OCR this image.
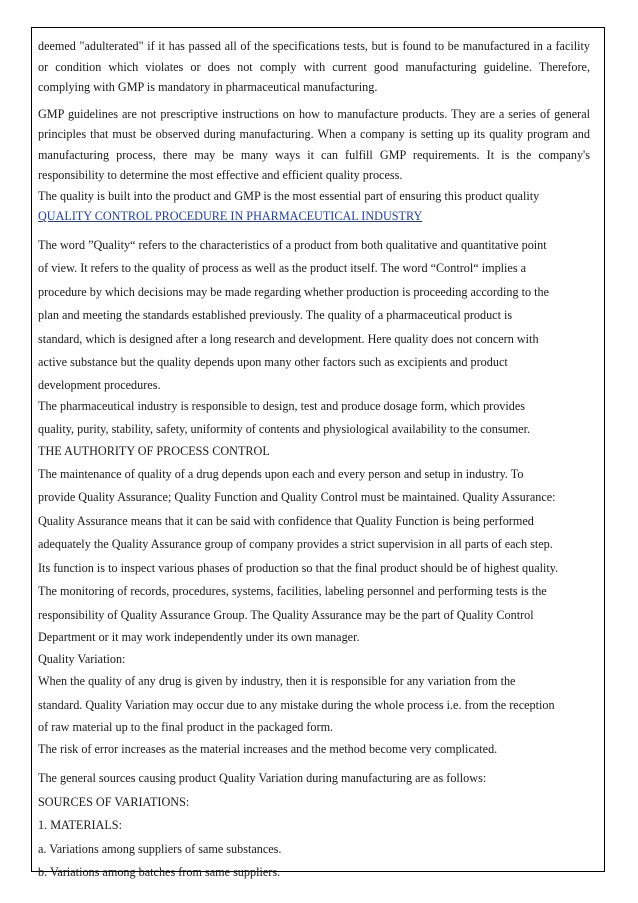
deemed "adulterated" if it has passed all of the specifications tests, but is found to be manufactured in a facility or condition which violates or does not comply with current good manufacturing guideline. Therefore, complying with GMP is mandatory in pharmaceutical manufacturing.

GMP guidelines are not prescriptive instructions on how to manufacture products. They are a series of general principles that must be observed during manufacturing. When a company is setting up its quality program and manufacturing process, there may be many ways it can fulfill GMP requirements. It is the company's responsibility to determine the most effective and efficient quality process.

The quality is built into the product and GMP is the most essential part of ensuring this product quality

QUALITY CONTROL PROCEDURE IN PHARMACEUTICAL INDUSTRY

The word ”Quality“ refers to the characteristics of a product from both qualitative and quantitative point

of view. It refers to the quality of process as well as the product itself. The word “Control“ implies a

procedure by which decisions may be made regarding whether production is proceeding according to the

plan and meeting the standards established previously. The quality of a pharmaceutical product is

standard, which is designed after a long research and development. Here quality does not concern with

active substance but the quality depends upon many other factors such as excipients and product

development procedures.

The pharmaceutical industry is responsible to design, test and produce dosage form, which provides

quality, purity, stability, safety, uniformity of contents and physiological availability to the consumer.

THE AUTHORITY OF PROCESS CONTROL

The maintenance of quality of a drug depends upon each and every person and setup in industry. To

provide Quality Assurance; Quality Function and Quality Control must be maintained. Quality Assurance:

Quality Assurance means that it can be said with confidence that Quality Function is being performed

adequately the Quality Assurance group of company provides a strict supervision in all parts of each step.

Its function is to inspect various phases of production so that the final product should be of highest quality.

The monitoring of records, procedures, systems, facilities, labeling personnel and performing tests is the

responsibility of Quality Assurance Group. The Quality Assurance may be the part of Quality Control

Department or it may work independently under its own manager.

Quality Variation:

When the quality of any drug is given by industry, then it is responsible for any variation from the

standard. Quality Variation may occur due to any mistake during the whole process i.e. from the reception

of raw material up to the final product in the packaged form.

The risk of error increases as the material increases and the method become very complicated.

The general sources causing product Quality Variation during manufacturing are as follows:

SOURCES OF VARIATIONS:

1. MATERIALS:

a. Variations among suppliers of same substances.

b. Variations among batches from same suppliers.
